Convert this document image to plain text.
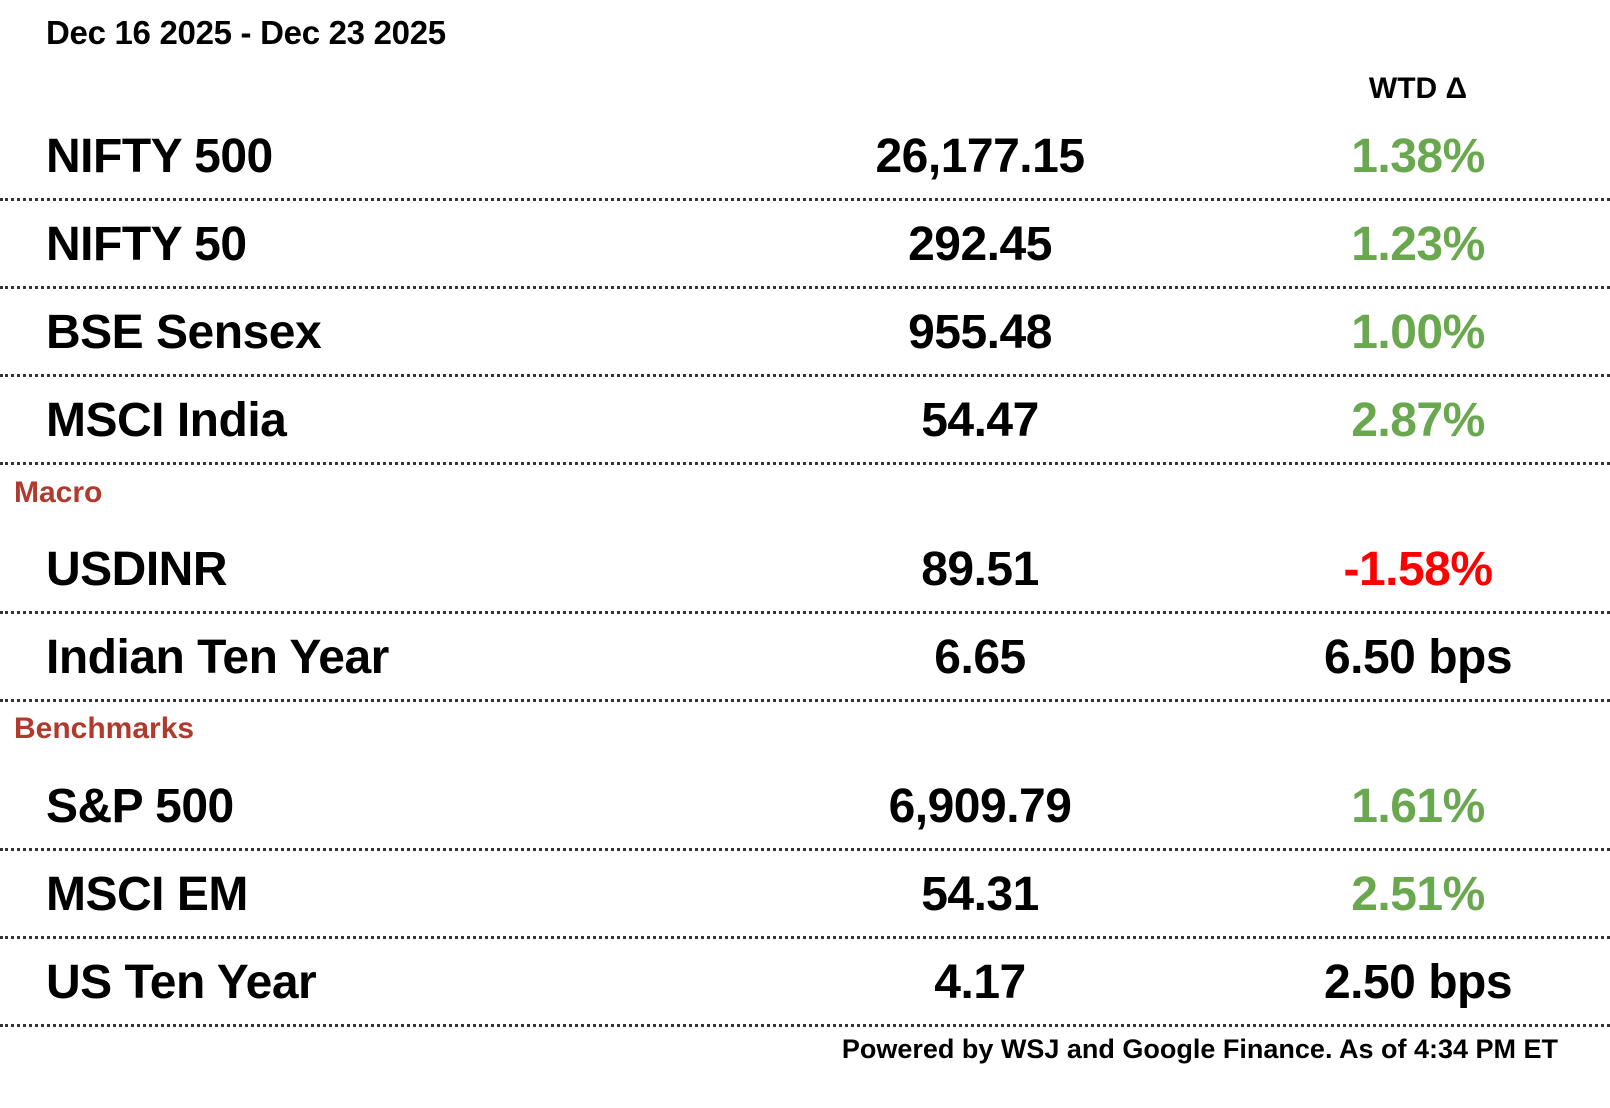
Dec 16 2025 - Dec 23 2025
WTD Δ
NIFTY 500	26,177.15	1.38%
NIFTY 50	292.45	1.23%
BSE Sensex	955.48	1.00%
MSCI India	54.47	2.87%
Macro
USDINR	89.51	-1.58%
Indian Ten Year	6.65	6.50 bps
Benchmarks
S&P 500	6,909.79	1.61%
MSCI EM	54.31	2.51%
US Ten Year	4.17	2.50 bps
Powered by WSJ and Google Finance. As of 4:34 PM ET
